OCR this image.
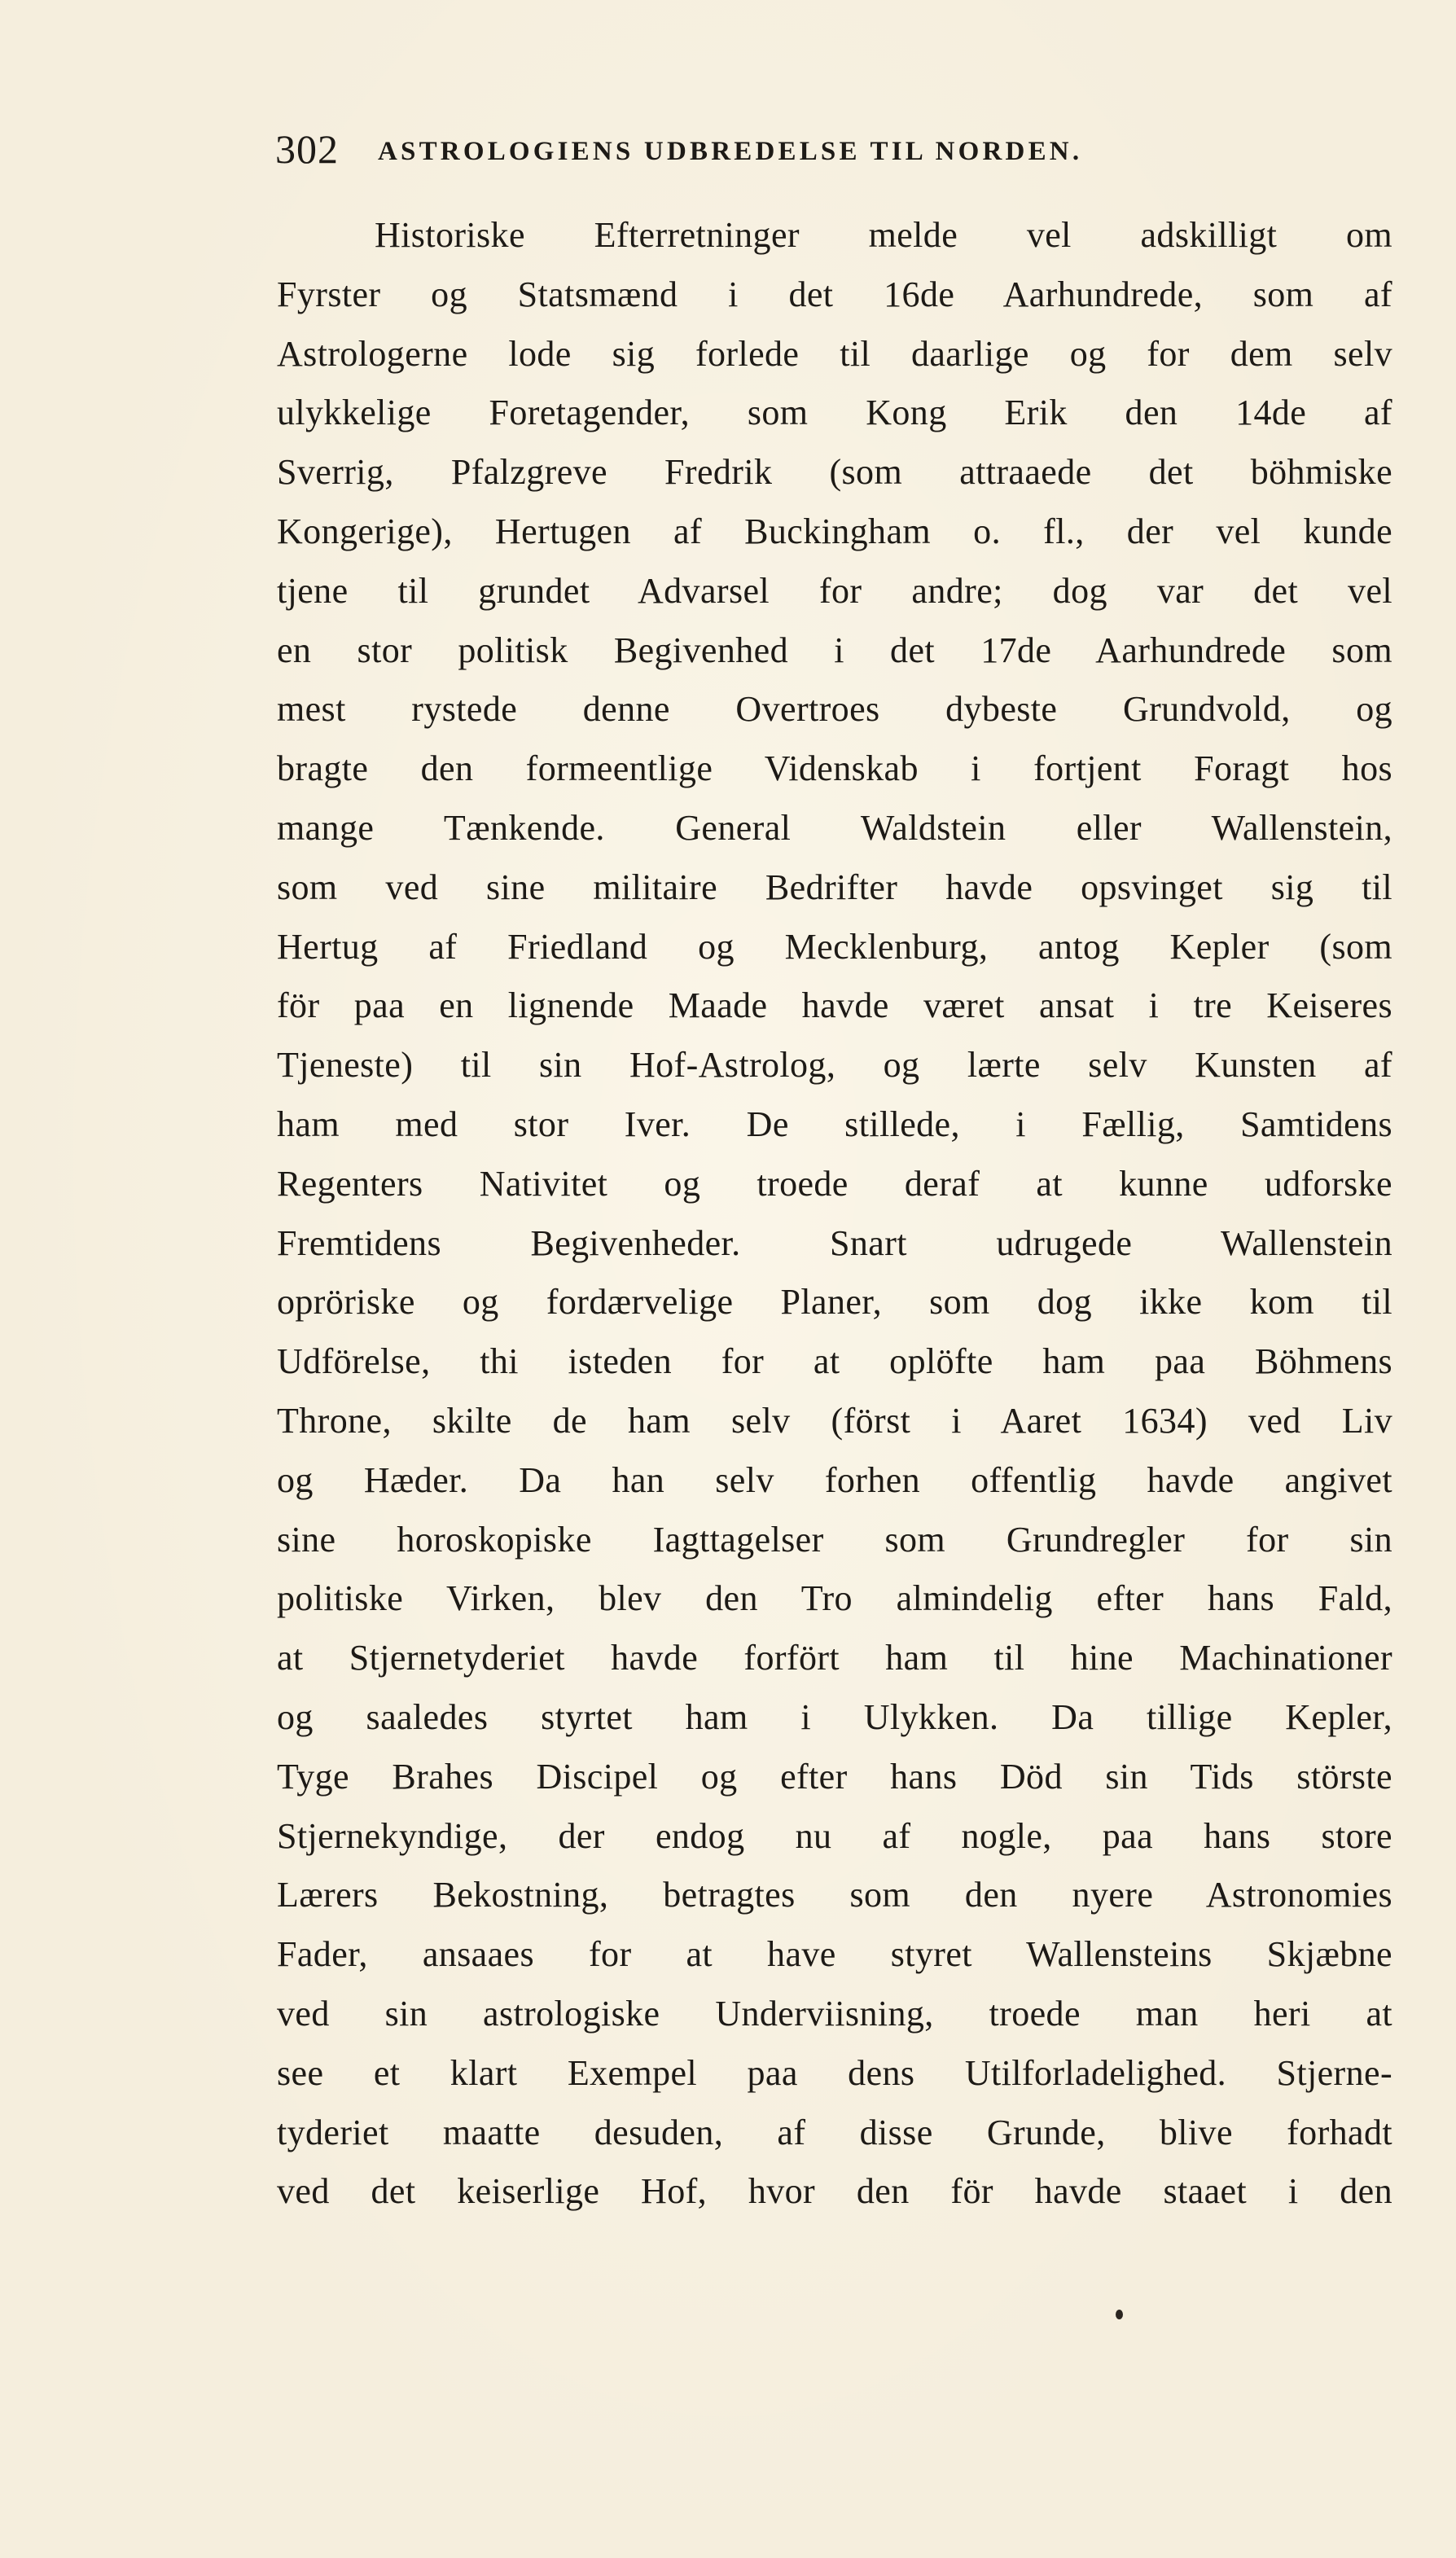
302 ASTROLOGIENS UDBREDELSE TIL NORDEN.
Historiske Efterretninger melde vel adskilligt om
Fyrster og Statsmænd i det 16de Aarhundrede, som af
Astrologerne lode sig forlede til daarlige og for dem selv
ulykkelige Foretagender, som Kong Erik den 14de af
Sverrig, Pfalzgreve Fredrik (som attraaede det böhmiske
Kongerige), Hertugen af Buckingham o. fl., der vel kunde
tjene til grundet Advarsel for andre; dog var det vel
en stor politisk Begivenhed i det 17de Aarhundrede som
mest rystede denne Overtroes dybeste Grundvold, og
bragte den formeentlige Videnskab i fortjent Foragt hos
mange Tænkende. General Waldstein eller Wallenstein,
som ved sine militaire Bedrifter havde opsvinget sig til
Hertug af Friedland og Mecklenburg, antog Kepler (som
för paa en lignende Maade havde været ansat i tre Keiseres
Tjeneste) til sin Hof-Astrolog, og lærte selv Kunsten af
ham med stor Iver. De stillede, i Fællig, Samtidens
Regenters Nativitet og troede deraf at kunne udforske
Fremtidens Begivenheder. Snart udrugede Wallenstein
opröriske og fordærvelige Planer, som dog ikke kom til
Udförelse, thi isteden for at oplöfte ham paa Böhmens
Throne, skilte de ham selv (först i Aaret 1634) ved Liv
og Hæder. Da han selv forhen offentlig havde angivet
sine horoskopiske Iagttagelser som Grundregler for sin
politiske Virken, blev den Tro almindelig efter hans Fald,
at Stjernetyderiet havde forfört ham til hine Machinationer
og saaledes styrtet ham i Ulykken. Da tillige Kepler,
Tyge Brahes Discipel og efter hans Död sin Tids störste
Stjernekyndige, der endog nu af nogle, paa hans store
Lærers Bekostning, betragtes som den nyere Astronomies
Fader, ansaaes for at have styret Wallensteins Skjæbne
ved sin astrologiske Underviisning, troede man heri at
see et klart Exempel paa dens Utilforladelighed. Stjerne-
tyderiet maatte desuden, af disse Grunde, blive forhadt
ved det keiserlige Hof, hvor den för havde staaet i den
